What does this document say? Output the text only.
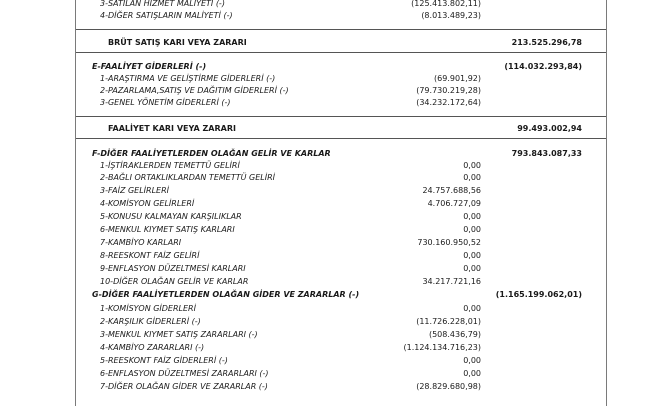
3-SATILAN HİZMET MALİYETİ (-)	(125.413.802,11)
4-DİĞER SATIŞLARIN MALİYETİ (-)	(8.013.489,23)
BRÜT SATIŞ KARI VEYA ZARARI	213.525.296,78
E-FAALİYET GİDERLERİ (-)	(114.032.293,84)
1-ARAŞTIRMA VE GELİŞTİRME GİDERLERİ (-)	(69.901,92)
2-PAZARLAMA,SATIŞ VE DAĞITIM GİDERLERİ (-)	(79.730.219,28)
3-GENEL YÖNETİM GİDERLERİ (-)	(34.232.172,64)
FAALİYET KARI VEYA ZARARI	99.493.002,94
F-DİĞER FAALİYETLERDEN OLAĞAN GELİR VE KARLAR	793.843.087,33
1-İŞTİRAKLERDEN TEMETTÜ GELİRİ	0,00
2-BAĞLI ORTAKLIKLARDAN TEMETTÜ GELİRİ	0,00
3-FAİZ GELİRLERİ	24.757.688,56
4-KOMİSYON GELİRLERİ	4.706.727,09
5-KONUSU KALMAYAN KARŞILIKLAR	0,00
6-MENKUL KIYMET SATIŞ KARLARI	0,00
7-KAMBİYO KARLARI	730.160.950,52
8-REESKONT FAİZ GELİRİ	0,00
9-ENFLASYON DÜZELTMESİ KARLARI	0,00
10-DİĞER OLAĞAN GELİR VE KARLAR	34.217.721,16
G-DİĞER FAALİYETLERDEN OLAĞAN GİDER VE ZARARLAR (-)	(1.165.199.062,01)
1-KOMİSYON GİDERLERİ	0,00
2-KARŞILIK GİDERLERİ (-)	(11.726.228,01)
3-MENKUL KIYMET SATIŞ ZARARLARI (-)	(508.436,79)
4-KAMBİYO ZARARLARI (-)	(1.124.134.716,23)
5-REESKONT FAİZ GİDERLERİ (-)	0,00
6-ENFLASYON DÜZELTMESİ ZARARLARI (-)	0,00
7-DİĞER OLAĞAN GİDER VE ZARARLAR (-)	(28.829.680,98)
